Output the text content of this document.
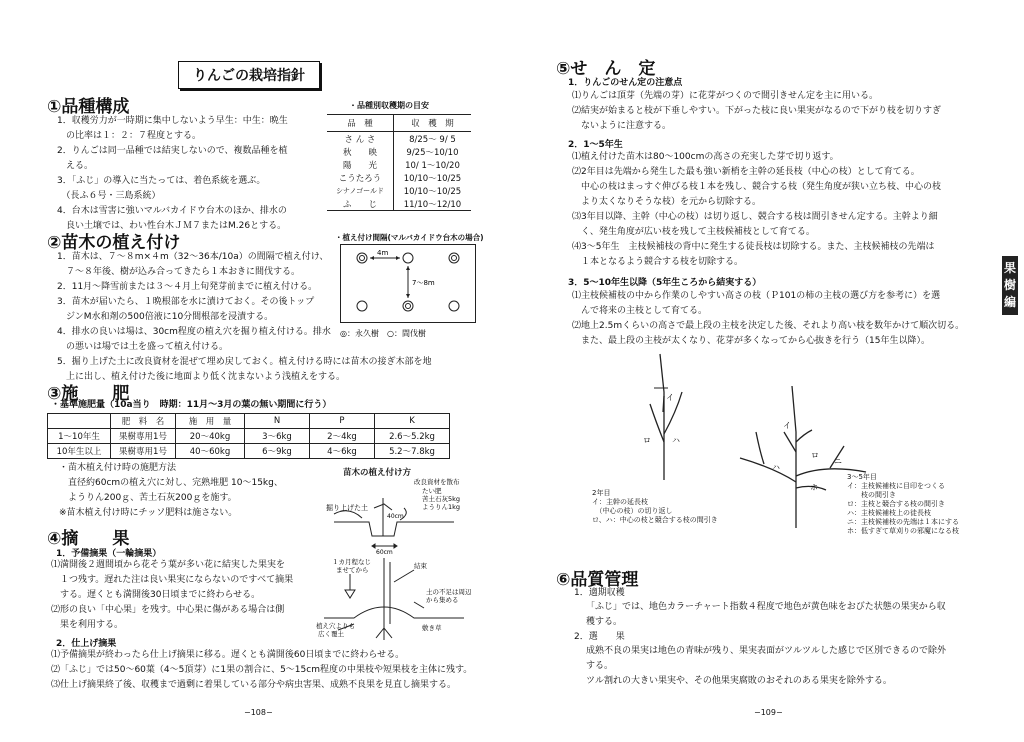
りんごの栽培指針
①品種構成
1．収穫労力が一時期に集中しないよう早生：中生：晩生
　の比率は１：２：７程度とする。
2．りんごは同一品種では結実しないので、複数品種を植
　える。
3．「ふじ」の導入に当たっては、着色系統を選ぶ。
　（長ふ６号・三島系統）
4．台木は雪害に強いマルバカイドウ台木のほか、排水の
　良い土壌では、わい性台木ＪＭ７またはM.26とする。
・品種別収穫期の目安
品　種	収　穫　期
さ ん さ	8/25〜 9/ 5
秋　　映	9/25〜10/10
陽　　光	10/ 1〜10/20
こうたろう	10/10〜10/25
シナノゴールド	10/10〜10/25
ふ　　じ	11/10〜12/10
②苗木の植え付け
1．苗木は、７〜８m×４m（32〜36本/10a）の間隔で植え付け、
　７〜８年後、樹が込み合ってきたら１本おきに間伐する。
2．11月〜降雪前または３〜４月上旬発芽前までに植え付ける。
3．苗木が届いたら、１晩根部を水に漬けておく。その後トップ
　ジンM水和剤の500倍液に10分間根部を浸漬する。
4．排水の良いは場は、30cm程度の植え穴を掘り植え付ける。排水
　の悪いは場では土を盛って植え付ける。
5．掘り上げた土に改良資材を混ぜて埋め戻しておく。植え付ける時には苗木の接ぎ木部を地
　上に出し、植え付けた後に地面より低く沈まないよう浅植えをする。
・植え付け間隔(マルバカイドウ台木の場合)
4m
7〜8m
◎：永久樹　○：間伐樹
③施　　肥
・基準施肥量（10a当り　時期：11月〜3月の葉の無い期間に行う）
	肥　料　名	施　用　量	N	P	K
1〜10年生	果樹専用1号	20〜40kg	3〜6kg	2〜4kg	2.6〜5.2kg
10年生以上	果樹専用1号	40〜60kg	6〜9kg	4〜6kg	5.2〜7.8kg
・苗木植え付け時の施肥方法
　直径約60cmの植え穴に対し、完熟堆肥 10〜15kg、
　ようりん200ｇ、苦土石灰200ｇを施す。
※苗木植え付け時にチッソ肥料は施さない。
苗木の植え付け方
掘り上げた土
40cm
60cm
改良資材を散布
たい肥
苦土石灰5kg
ようりん1kg
１カ月程なじ
ませてから	結束
土の不足は周辺
から集める
植え穴よりも
広く覆土
敷き草
④摘　　果
1．予備摘果（一輪摘果）
⑴満開後２週間頃から花そう葉が多い花に結実した果実を
　１つ残す。遅れた注は良い果実にならないのですべて摘果
　する。遅くとも満開後30日頃までに終わらせる。
⑵形の良い「中心果」を残す。中心果に傷がある場合は側
　果を利用する。
2．仕上げ摘果
⑴予備摘果が終わったら仕上げ摘果に移る。遅くとも満開後60日頃までに終わらせる。
⑵「ふじ」では50〜60葉（4〜5頂芽）に1果の割合に、5〜15cm程度の中果枝や短果枝を主体に残す。
⑶仕上げ摘果終了後、収穫まで過剰に着果している部分や病虫害果、成熟不良果を見直し摘果する。
−108−
⑤せ　ん　定
1．りんごのせん定の注意点
⑴りんごは頂芽（先端の芽）に花芽がつくので間引きせん定を主に用いる。
⑵結実が始まると枝が下垂しやすい。下がった枝に良い果実がなるので下がり枝を切りすぎ
　ないように注意する。
2．1〜5年生
⑴植え付けた苗木は80〜100cmの高さの充実した芽で切り返す。
⑵2年目は先端から発生した最も強い新梢を主幹の延長枝（中心の枝）として育てる。
　中心の枝はまっすぐ伸びる枝１本を残し、競合する枝（発生角度が狭い立ち枝、中心の枝
　より太くなりそうな枝）を元から切除する。
⑶3年目以降、主幹（中心の枝）は切り返し、競合する枝は間引きせん定する。主幹より細
　く、発生角度が広い枝を残して主枝候補枝として育てる。
⑷3〜5年生　主枝候補枝の背中に発生する徒長枝は切除する。また、主枝候補枝の先端は
　１本となるよう競合する枝を切除する。
3．5〜10年生以降（5年生ころから結実する）
⑴主枝候補枝の中から作業のしやすい高さの枝（Ｐ101の柿の主枝の選び方を参考に）を選
　んで将来の主枝として育てる。
⑵地上2.5mくらいの高さで最上段の主枝を決定した後、それより高い枝を数年かけて順次切る。
　また、最上段の主枝が太くなり、花芽が多くなってから心抜きを行う（15年生以降）。
イ
ロ	ハ
2年目
イ：主幹の延長枝
　（中心の枝）の切り返し
ロ、ハ：中心の枝と競合する枝の間引き
イ
ロ
ハ
ニ
ホ
3〜5年目
イ：主枝候補枝に目印をつくる
　　枝の間引き
ロ：主枝と競合する枝の間引き
ハ：主枝候補枝上の徒長枝
ニ：主枝候補枝の先端は１本にする
ホ：低すぎて草刈りの邪魔になる枝
⑥品質管理
1．適期収穫
「ふじ」では、地色カラーチャート指数４程度で地色が黄色味をおびた状態の果実から収
穫する。
2．選　　果
成熟不良の果実は地色の青味が残り、果実表面がツルツルした感じで区別できるので除外
する。
ツル割れの大きい果実や、その他果実腐敗のおそれのある果実を除外する。
果
樹
編
−109−
